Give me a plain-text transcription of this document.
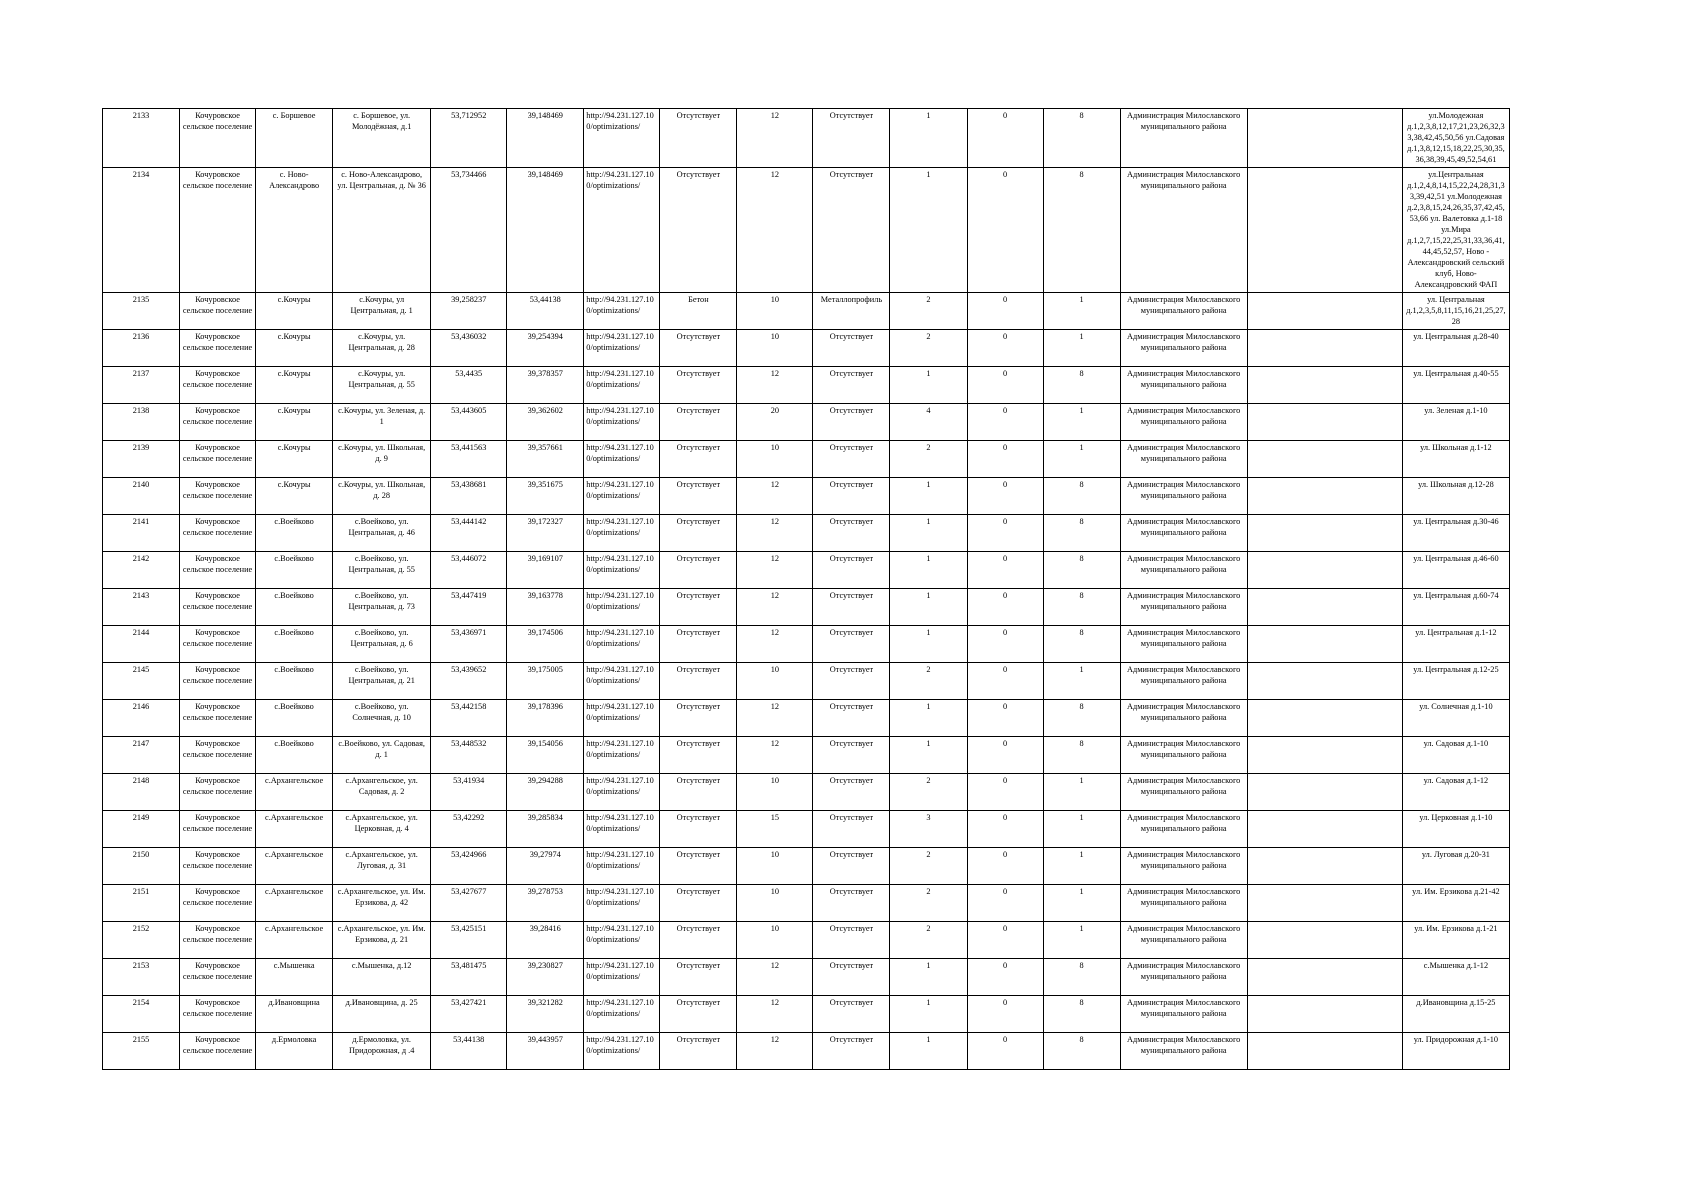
2133	Кочуровское сельское поселение	с. Боршевое	с. Боршевое, ул. Молодёжная, д.1	53,712952	39,148469	http://94.231.127.100/optimizations/	Отсутствует	12	Отсутствует	1	0	8	Администрация Милославского муниципального района		ул.Молодежная д.1,2,3,8,12,17,21,23,26,32,33,38,42,45,50,56 ул.Садовая д.1,3,8,12,15,18,22,25,30,35,36,38,39,45,49,52,54,61
2134	Кочуровское сельское поселение	с. Ново-Александрово	с. Ново-Александрово, ул. Центральная, д. № 36	53,734466	39,148469	http://94.231.127.100/optimizations/	Отсутствует	12	Отсутствует	1	0	8	Администрация Милославского муниципального района		ул.Центральная д.1,2,4,8,14,15,22,24,28,31,33,39,42,51 ул.Молодежная д.2,3,8,15,24,26,35,37,42,45,53,66 ул. Валетовка д.1-18 ул.Мира д.1,2,7,15,22,25,31,33,36,41,44,45,52,57, Ново - Александровский сельский клуб, Ново-Александровский ФАП
2135	Кочуровское сельское поселение	с.Кочуры	с.Кочуры, ул Центральная, д. 1	39,258237	53,44138	http://94.231.127.100/optimizations/	Бетон	10	Металлопрофиль	2	0	1	Администрация Милославского муниципального района		ул. Центральная д.1,2,3,5,8,11,15,16,21,25,27,28
2136	Кочуровское сельское поселение	с.Кочуры	с.Кочуры, ул. Центральная, д. 28	53,436032	39,254394	http://94.231.127.100/optimizations/	Отсутствует	10	Отсутствует	2	0	1	Администрация Милославского муниципального района		ул. Центральная д.28-40
2137	Кочуровское сельское поселение	с.Кочуры	с.Кочуры, ул. Центральная, д. 55	53,4435	39,378357	http://94.231.127.100/optimizations/	Отсутствует	12	Отсутствует	1	0	8	Администрация Милославского муниципального района		ул. Центральная д.40-55
2138	Кочуровское сельское поселение	с.Кочуры	с.Кочуры, ул. Зеленая, д. 1	53,443605	39,362602	http://94.231.127.100/optimizations/	Отсутствует	20	Отсутствует	4	0	1	Администрация Милославского муниципального района		ул. Зеленая д.1-10
2139	Кочуровское сельское поселение	с.Кочуры	с.Кочуры, ул. Школьная, д. 9	53,441563	39,357661	http://94.231.127.100/optimizations/	Отсутствует	10	Отсутствует	2	0	1	Администрация Милославского муниципального района		ул. Школьная д.1-12
2140	Кочуровское сельское поселение	с.Кочуры	с.Кочуры, ул. Школьная, д. 28	53,438681	39,351675	http://94.231.127.100/optimizations/	Отсутствует	12	Отсутствует	1	0	8	Администрация Милославского муниципального района		ул. Школьная д.12-28
2141	Кочуровское сельское поселение	с.Воейково	с.Воейково, ул. Центральная, д. 46	53,444142	39,172327	http://94.231.127.100/optimizations/	Отсутствует	12	Отсутствует	1	0	8	Администрация Милославского муниципального района		ул. Центральная д.30-46
2142	Кочуровское сельское поселение	с.Воейково	с.Воейково, ул. Центральная, д. 55	53,446072	39,169107	http://94.231.127.100/optimizations/	Отсутствует	12	Отсутствует	1	0	8	Администрация Милославского муниципального района		ул. Центральная д.46-60
2143	Кочуровское сельское поселение	с.Воейково	с.Воейково, ул. Центральная, д. 73	53,447419	39,163778	http://94.231.127.100/optimizations/	Отсутствует	12	Отсутствует	1	0	8	Администрация Милославского муниципального района		ул. Центральная д.60-74
2144	Кочуровское сельское поселение	с.Воейково	с.Воейково, ул. Центральная, д. 6	53,436971	39,174506	http://94.231.127.100/optimizations/	Отсутствует	12	Отсутствует	1	0	8	Администрация Милославского муниципального района		ул. Центральная д.1-12
2145	Кочуровское сельское поселение	с.Воейково	с.Воейково, ул. Центральная, д. 21	53,439652	39,175005	http://94.231.127.100/optimizations/	Отсутствует	10	Отсутствует	2	0	1	Администрация Милославского муниципального района		ул. Центральная д.12-25
2146	Кочуровское сельское поселение	с.Воейково	с.Воейково, ул. Солнечная, д. 10	53,442158	39,178396	http://94.231.127.100/optimizations/	Отсутствует	12	Отсутствует	1	0	8	Администрация Милославского муниципального района		ул. Солнечная д.1-10
2147	Кочуровское сельское поселение	с.Воейково	с.Воейково, ул. Садовая, д. 1	53,448532	39,154056	http://94.231.127.100/optimizations/	Отсутствует	12	Отсутствует	1	0	8	Администрация Милославского муниципального района		ул. Садовая д.1-10
2148	Кочуровское сельское поселение	с.Архангельское	с.Архангельское, ул. Садовая, д. 2	53,41934	39,294288	http://94.231.127.100/optimizations/	Отсутствует	10	Отсутствует	2	0	1	Администрация Милославского муниципального района		ул. Садовая д.1-12
2149	Кочуровское сельское поселение	с.Архангельское	с.Архангельское, ул. Церковная, д. 4	53,42292	39,285834	http://94.231.127.100/optimizations/	Отсутствует	15	Отсутствует	3	0	1	Администрация Милославского муниципального района		ул. Церковная д.1-10
2150	Кочуровское сельское поселение	с.Архангельское	с.Архангельское, ул. Луговая, д. 31	53,424966	39,27974	http://94.231.127.100/optimizations/	Отсутствует	10	Отсутствует	2	0	1	Администрация Милославского муниципального района		ул. Луговая д.20-31
2151	Кочуровское сельское поселение	с.Архангельское	с.Архангельское, ул. Им. Ерзикова, д. 42	53,427677	39,278753	http://94.231.127.100/optimizations/	Отсутствует	10	Отсутствует	2	0	1	Администрация Милославского муниципального района		ул. Им. Ерзикова д.21-42
2152	Кочуровское сельское поселение	с.Архангельское	с.Архангельское, ул. Им. Ерзикова, д. 21	53,425151	39,28416	http://94.231.127.100/optimizations/	Отсутствует	10	Отсутствует	2	0	1	Администрация Милославского муниципального района		ул. Им. Ерзикова д.1-21
2153	Кочуровское сельское поселение	с.Мышенка	с.Мышенка, д.12	53,481475	39,230827	http://94.231.127.100/optimizations/	Отсутствует	12	Отсутствует	1	0	8	Администрация Милославского муниципального района		с.Мышенка д.1-12
2154	Кочуровское сельское поселение	д.Ивановщина	д.Ивановщина, д. 25	53,427421	39,321282	http://94.231.127.100/optimizations/	Отсутствует	12	Отсутствует	1	0	8	Администрация Милославского муниципального района		д.Ивановщина д.15-25
2155	Кочуровское сельское поселение	д.Ермоловка	д.Ермоловка, ул. Придорожная, д .4	53,44138	39,443957	http://94.231.127.100/optimizations/	Отсутствует	12	Отсутствует	1	0	8	Администрация Милославского муниципального района		ул. Придорожная д.1-10
